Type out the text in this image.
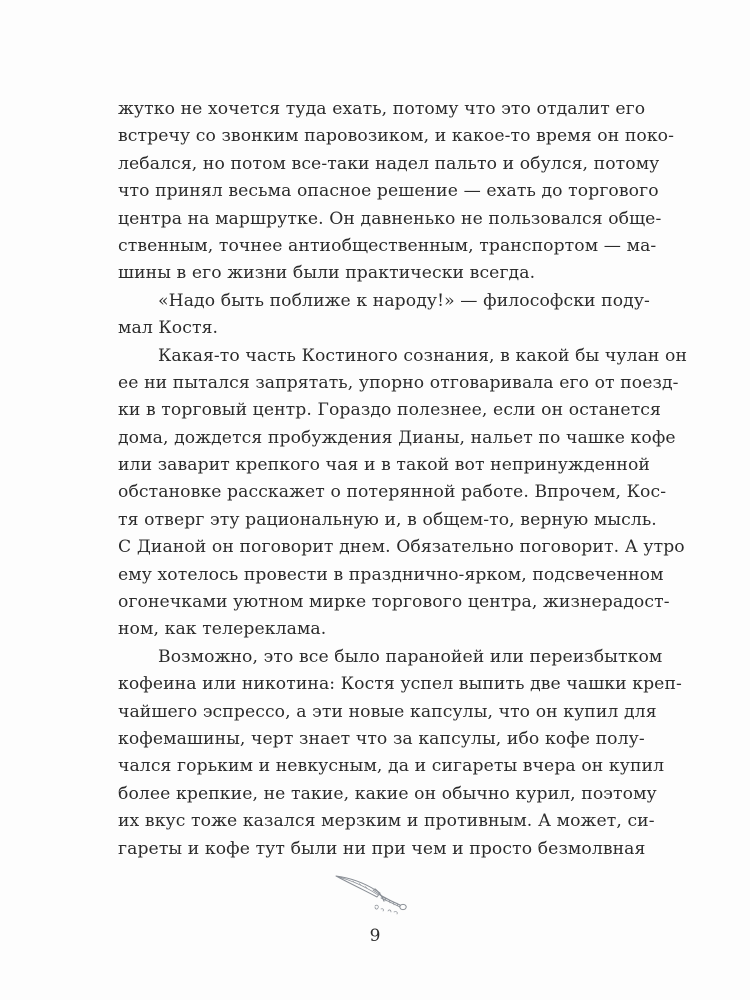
жутко не хочется туда ехать, потому что это отдалит его
встречу со звонким паровозиком, и какое-то время он поко-
лебался, но потом все-таки надел пальто и обулся, потому
что принял весьма опасное решение — ехать до торгового
центра на маршрутке. Он давненько не пользовался обще-
ственным, точнее антиобщественным, транспортом — ма-
шины в его жизни были практически всегда.
«Надо быть поближе к народу!» — философски поду-
мал Костя.
Какая-то часть Костиного сознания, в какой бы чулан он
ее ни пытался запрятать, упорно отговаривала его от поезд-
ки в торговый центр. Гораздо полезнее, если он останется
дома, дождется пробуждения Дианы, нальет по чашке кофе
или заварит крепкого чая и в такой вот непринужденной
обстановке расскажет о потерянной работе. Впрочем, Кос-
тя отверг эту рациональную и, в общем-то, верную мысль.
С Дианой он поговорит днем. Обязательно поговорит. А утро
ему хотелось провести в празднично-ярком, подсвеченном
огонечками уютном мирке торгового центра, жизнерадост-
ном, как телереклама.
Возможно, это все было паранойей или переизбытком
кофеина или никотина: Костя успел выпить две чашки креп-
чайшего эспрессо, а эти новые капсулы, что он купил для
кофемашины, черт знает что за капсулы, ибо кофе полу-
чался горьким и невкусным, да и сигареты вчера он купил
более крепкие, не такие, какие он обычно курил, поэтому
их вкус тоже казался мерзким и противным. А может, си-
гареты и кофе тут были ни при чем и просто безмолвная
9
